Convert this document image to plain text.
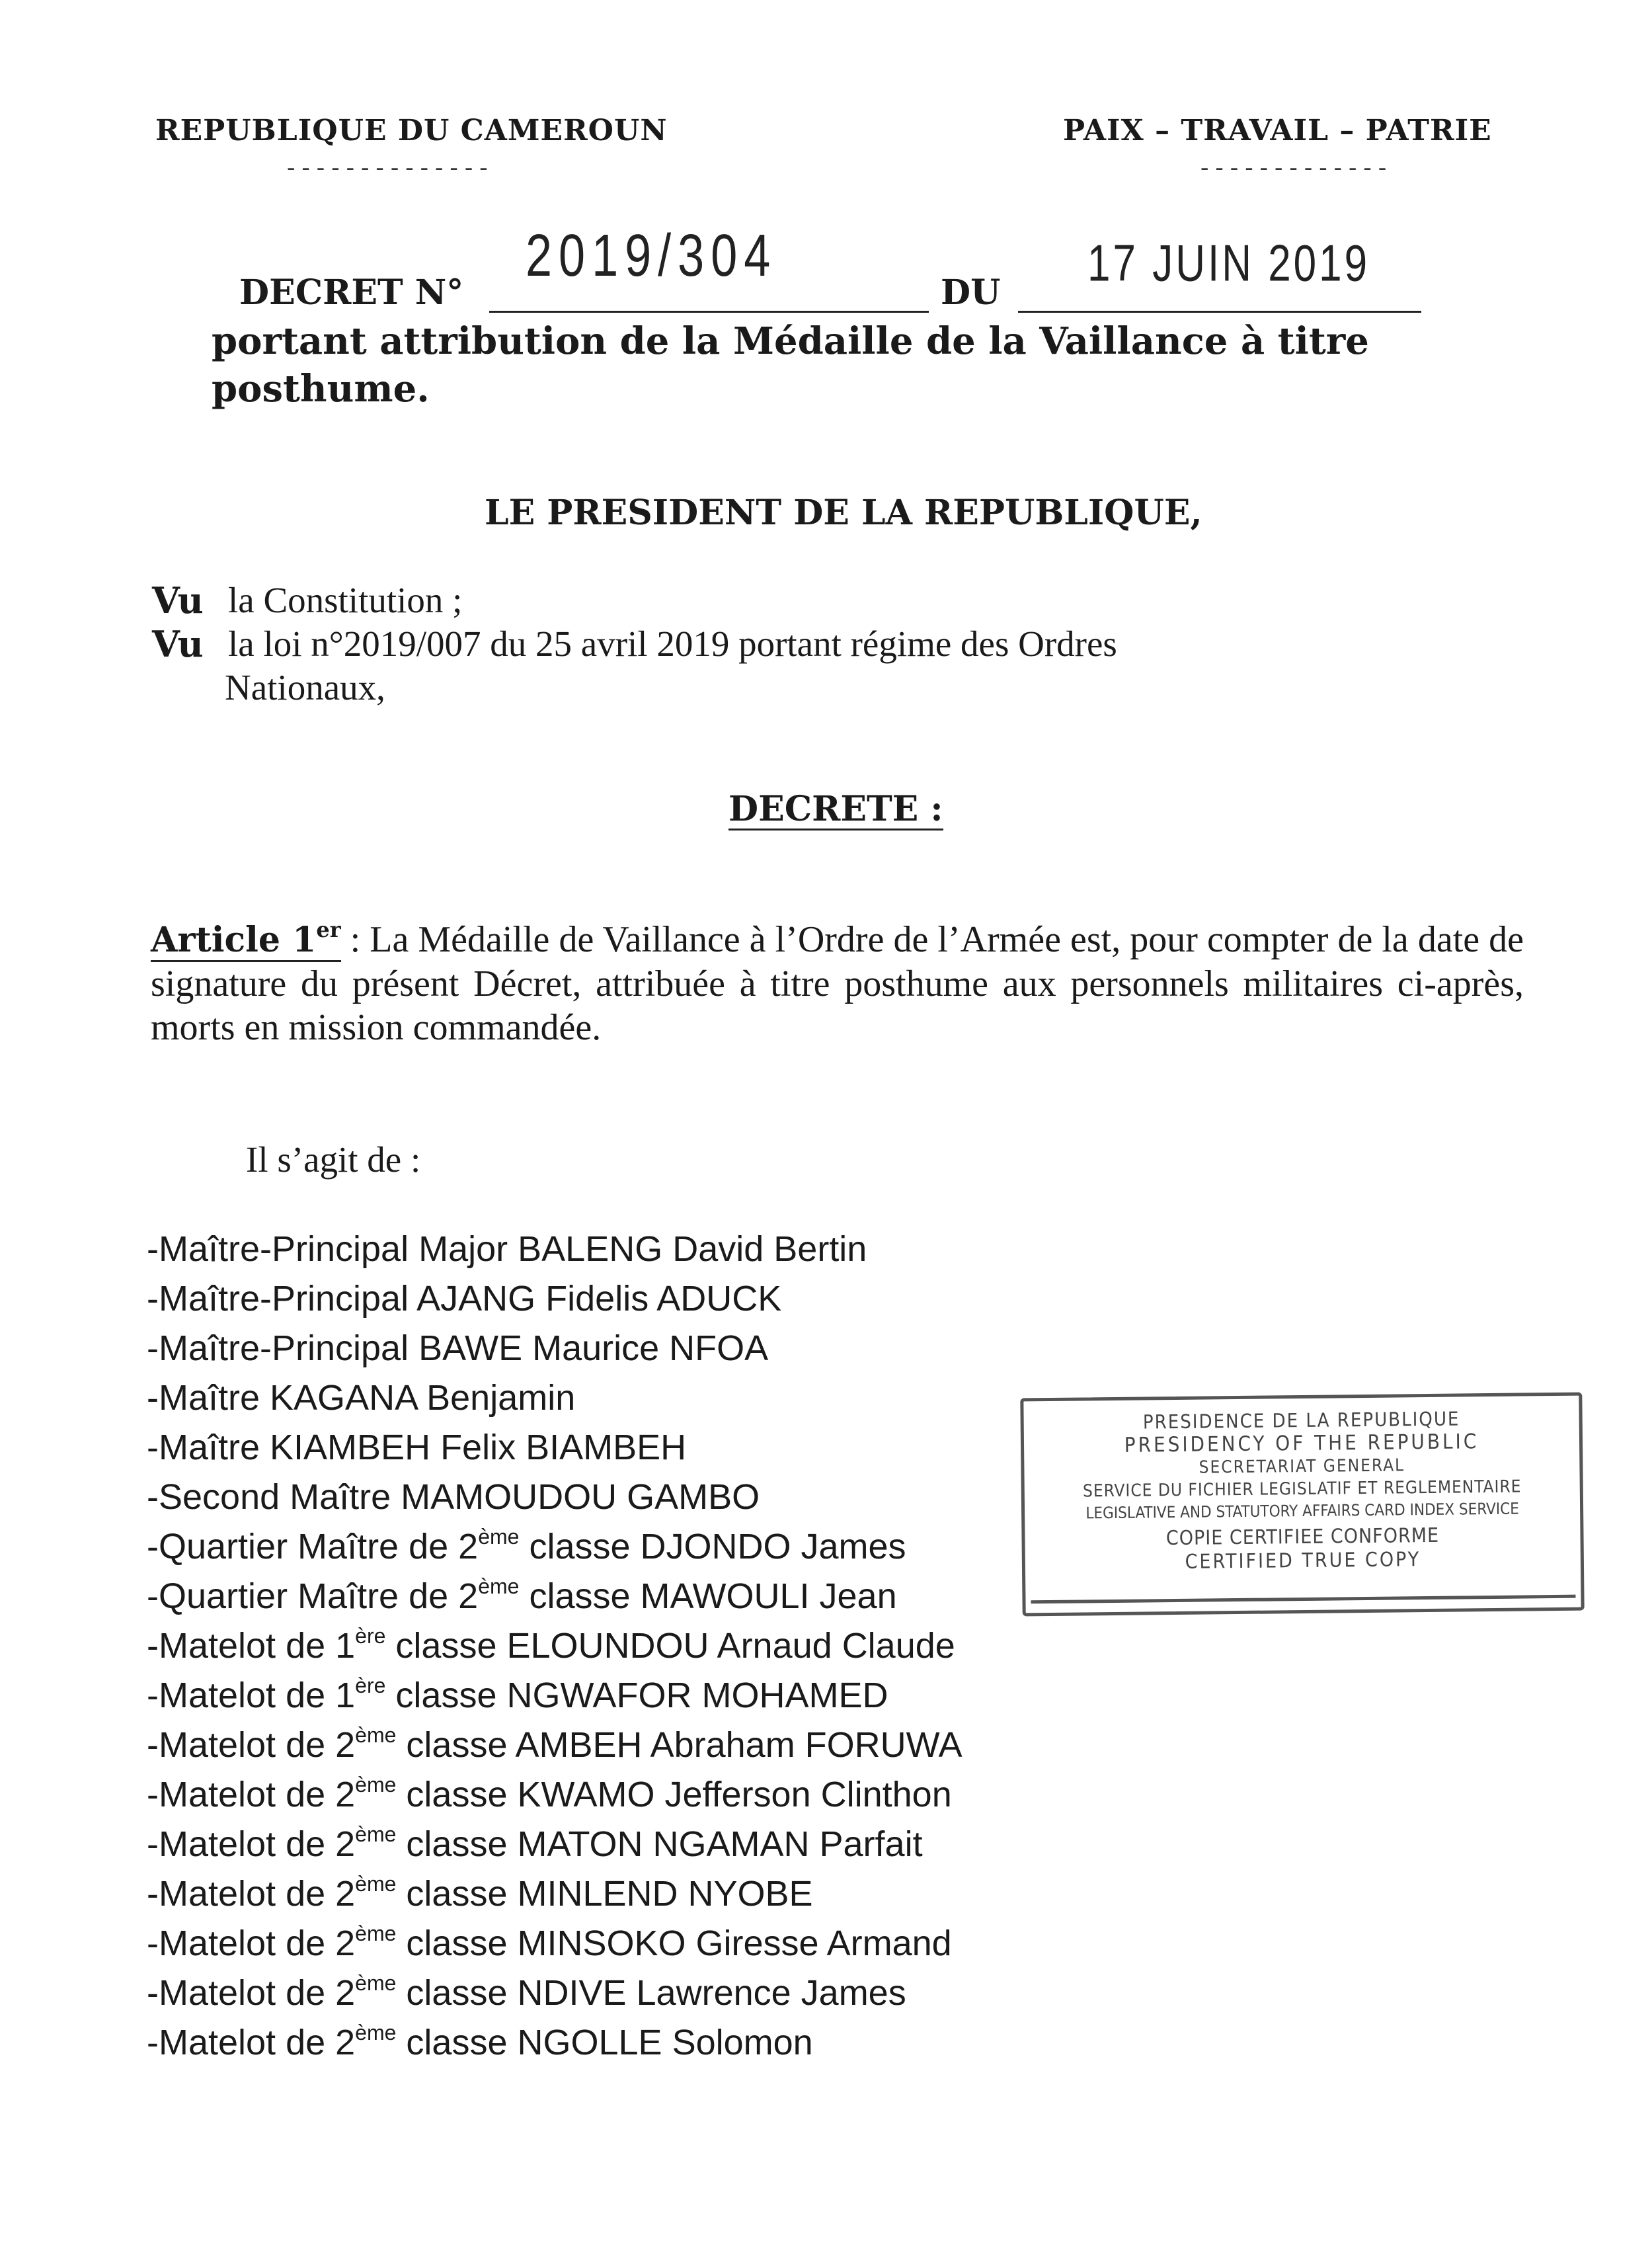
REPUBLIQUE DU CAMEROUN	PAIX – TRAVAIL – PATRIE
--------------	-------------
DECRET N°
2019/304
DU
17 JUIN 2019
portant attribution de la Médaille de la Vaillance à titre
posthume.
LE PRESIDENT DE LA REPUBLIQUE,
Vu la Constitution ;
Vu la loi n°2019/007 du 25 avril 2019 portant régime des Ordres
Nationaux,
DECRETE :
Article 1er : La Médaille de Vaillance à l’Ordre de l’Armée est, pour compter de la date de signature du présent Décret, attribuée à titre posthume aux personnels militaires ci-après, morts en mission commandée.
Il s’agit de :
-Maître-Principal Major BALENG David Bertin
-Maître-Principal AJANG Fidelis ADUCK
-Maître-Principal BAWE Maurice NFOA
-Maître KAGANA Benjamin
-Maître KIAMBEH Felix BIAMBEH
-Second Maître MAMOUDOU GAMBO
-Quartier Maître de 2ème classe DJONDO James
-Quartier Maître de 2ème classe MAWOULI Jean
-Matelot de 1ère classe ELOUNDOU Arnaud Claude
-Matelot de 1ère classe NGWAFOR MOHAMED
-Matelot de 2ème classe AMBEH Abraham FORUWA
-Matelot de 2ème classe KWAMO Jefferson Clinthon
-Matelot de 2ème classe MATON NGAMAN Parfait
-Matelot de 2ème classe MINLEND NYOBE
-Matelot de 2ème classe MINSOKO Giresse Armand
-Matelot de 2ème classe NDIVE Lawrence James
-Matelot de 2ème classe NGOLLE Solomon
PRESIDENCE DE LA REPUBLIQUE
PRESIDENCY OF THE REPUBLIC
SECRETARIAT GENERAL
SERVICE DU FICHIER LEGISLATIF ET REGLEMENTAIRE
LEGISLATIVE AND STATUTORY AFFAIRS CARD INDEX SERVICE
COPIE CERTIFIEE CONFORME
CERTIFIED TRUE COPY
